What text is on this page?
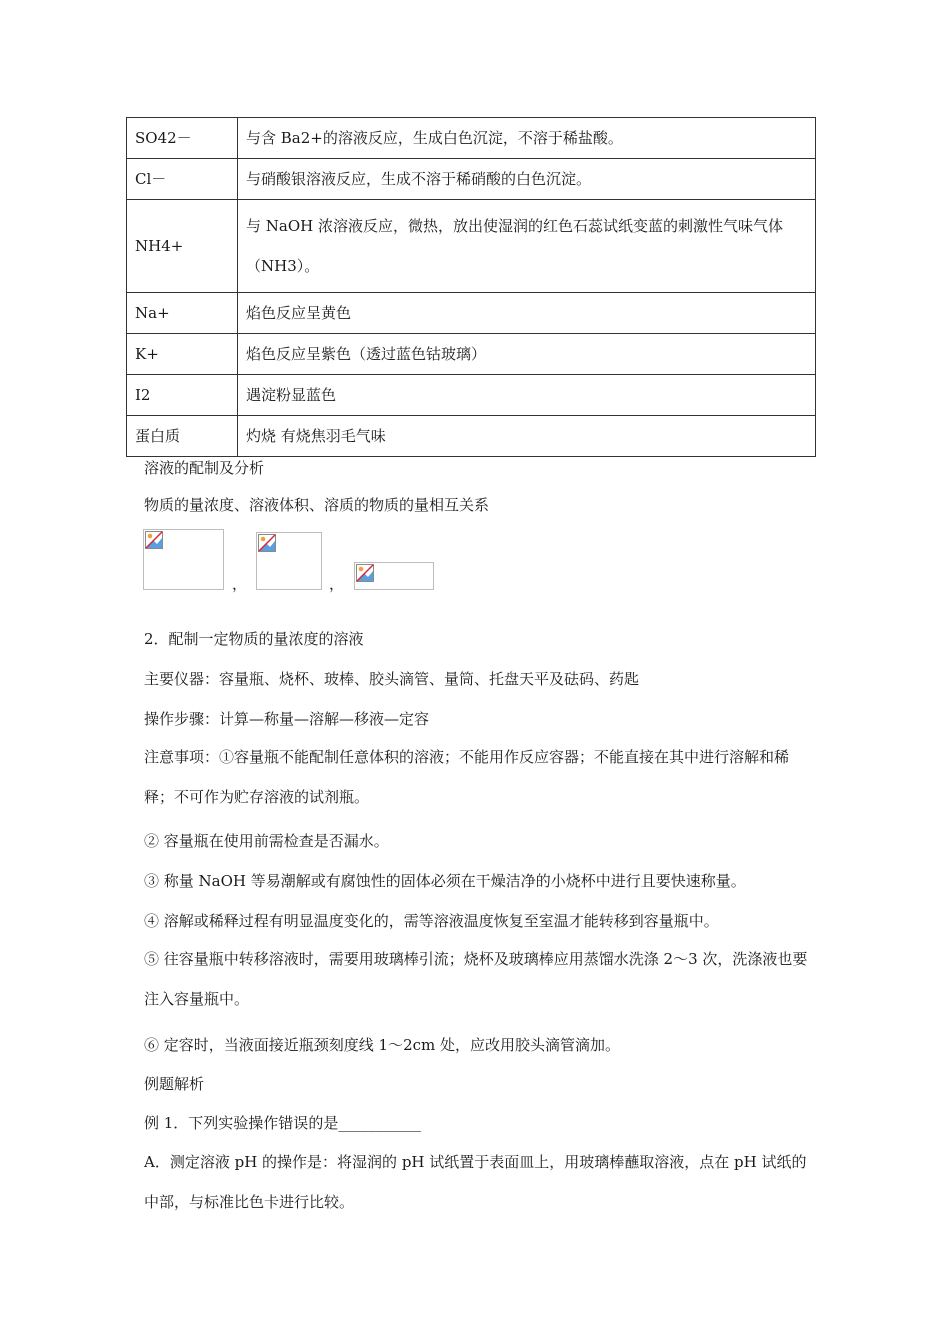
SO42－	与含 Ba2+的溶液反应，生成白色沉淀，不溶于稀盐酸。
Cl－	与硝酸银溶液反应，生成不溶于稀硝酸的白色沉淀。
NH4+	与 NaOH 浓溶液反应，微热，放出使湿润的红色石蕊试纸变蓝的刺激性气味气体（NH3）。
Na+	焰色反应呈黄色
K+	焰色反应呈紫色（透过蓝色钴玻璃）
I2	遇淀粉显蓝色
蛋白质	灼烧 有烧焦羽毛气味
溶液的配制及分析
物质的量浓度、溶液体积、溶质的物质的量相互关系
，	，
2．配制一定物质的量浓度的溶液
主要仪器：容量瓶、烧杯、玻棒、胶头滴管、量筒、托盘天平及砝码、药匙
操作步骤：计算—称量—溶解—移液—定容
注意事项：①容量瓶不能配制任意体积的溶液；不能用作反应容器；不能直接在其中进行溶解和稀释；不可作为贮存溶液的试剂瓶。
② 容量瓶在使用前需检查是否漏水。
③ 称量 NaOH 等易潮解或有腐蚀性的固体必须在干燥洁净的小烧杯中进行且要快速称量。
④ 溶解或稀释过程有明显温度变化的，需等溶液温度恢复至室温才能转移到容量瓶中。
⑤ 往容量瓶中转移溶液时，需要用玻璃棒引流；烧杯及玻璃棒应用蒸馏水洗涤 2～3 次，洗涤液也要注入容量瓶中。
⑥ 定容时，当液面接近瓶颈刻度线 1～2cm 处，应改用胶头滴管滴加。
例题解析
例 1．下列实验操作错误的是___________
A．测定溶液 pH 的操作是：将湿润的 pH 试纸置于表面皿上，用玻璃棒蘸取溶液，点在 pH 试纸的中部，与标准比色卡进行比较。
